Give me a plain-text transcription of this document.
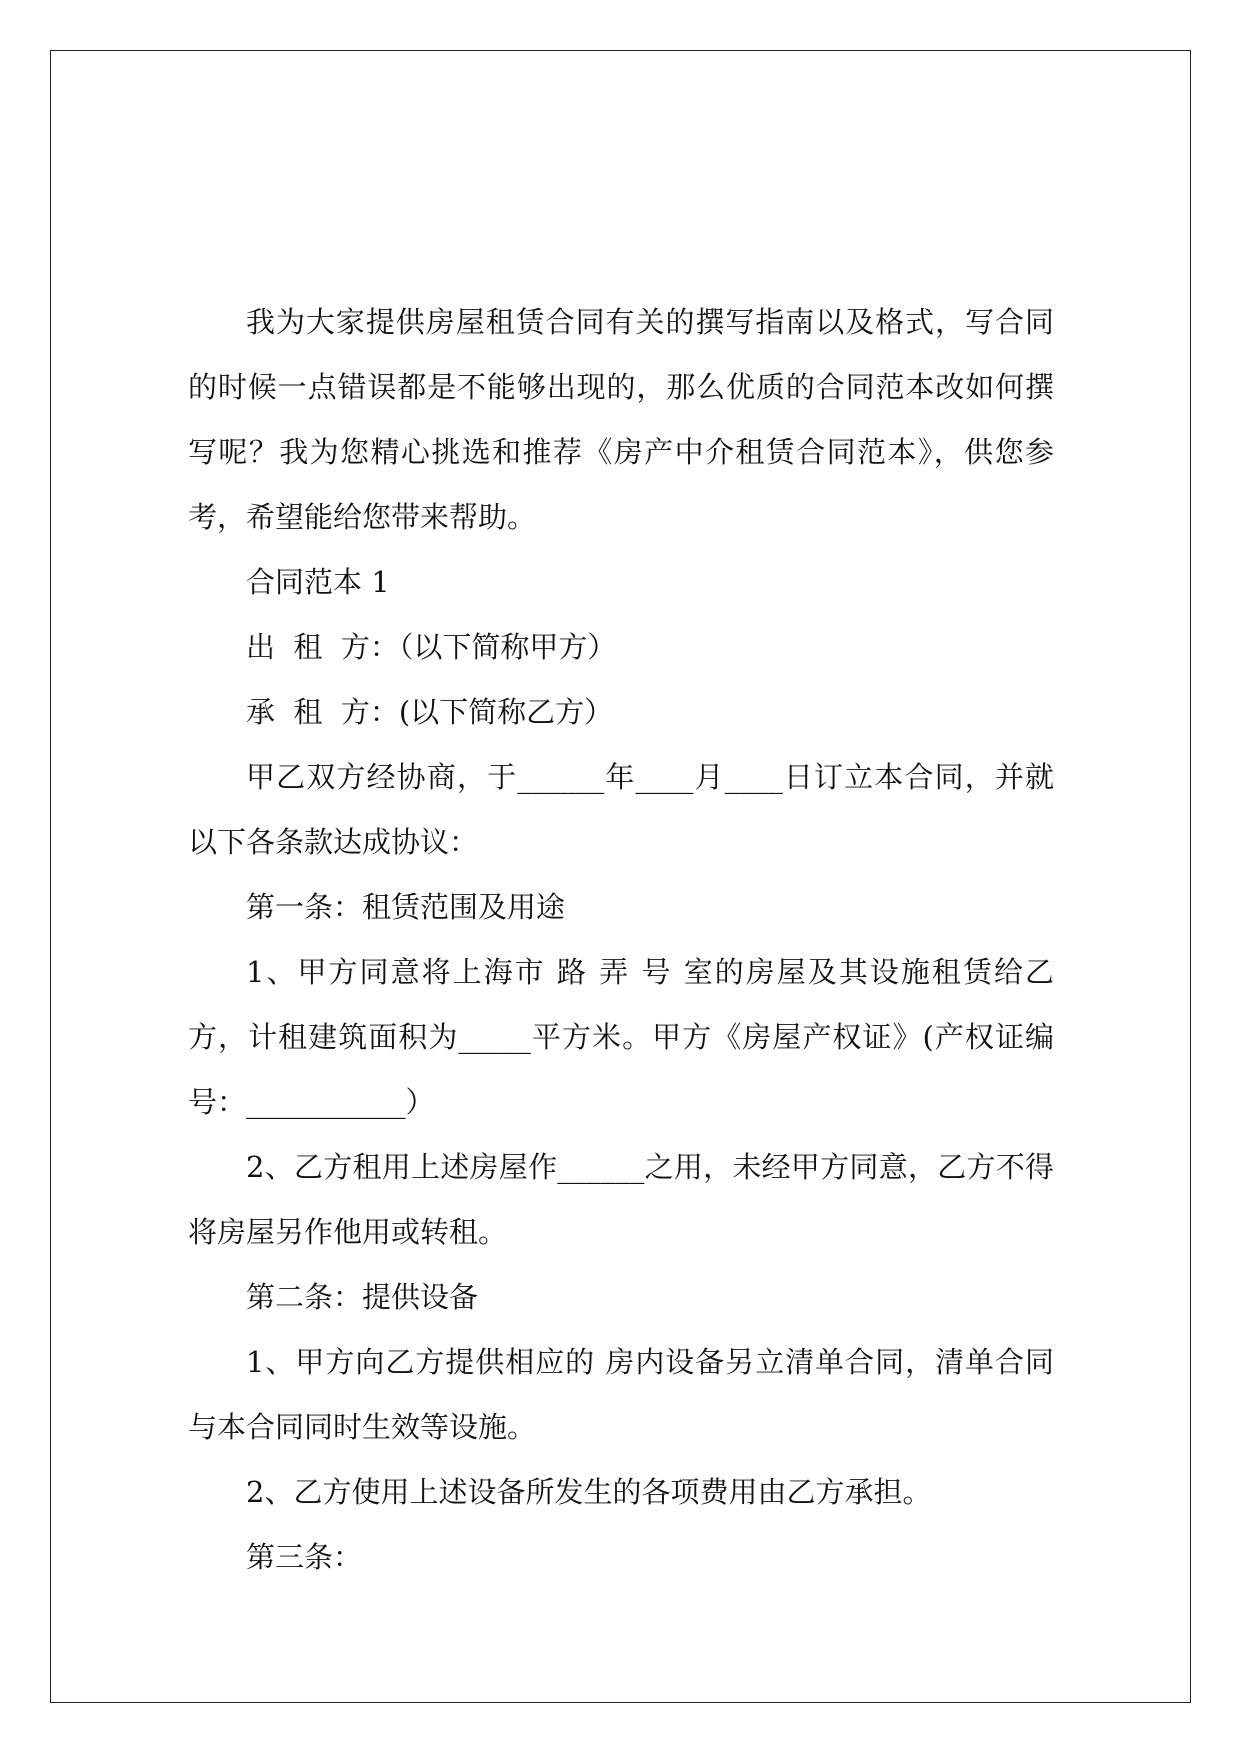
我为大家提供房屋租赁合同有关的撰写指南以及格式，写合同的时候一点错误都是不能够出现的，那么优质的合同范本改如何撰写呢？我为您精心挑选和推荐《房产中介租赁合同范本》，供您参考，希望能给您带来帮助。

合同范本 1

出  租  方：（以下简称甲方）

承  租  方：(以下简称乙方）

甲乙双方经协商，于______年____月____日订立本合同，并就以下各条款达成协议：

第一条：租赁范围及用途

1、甲方同意将上海市 路 弄 号 室的房屋及其设施租赁给乙方，计租建筑面积为_____平方米。甲方《房屋产权证》(产权证编号：___________）

2、乙方租用上述房屋作______之用，未经甲方同意，乙方不得将房屋另作他用或转租。

第二条：提供设备

1、甲方向乙方提供相应的 房内设备另立清单合同，清单合同与本合同同时生效等设施。

2、乙方使用上述设备所发生的各项费用由乙方承担。

第三条：
